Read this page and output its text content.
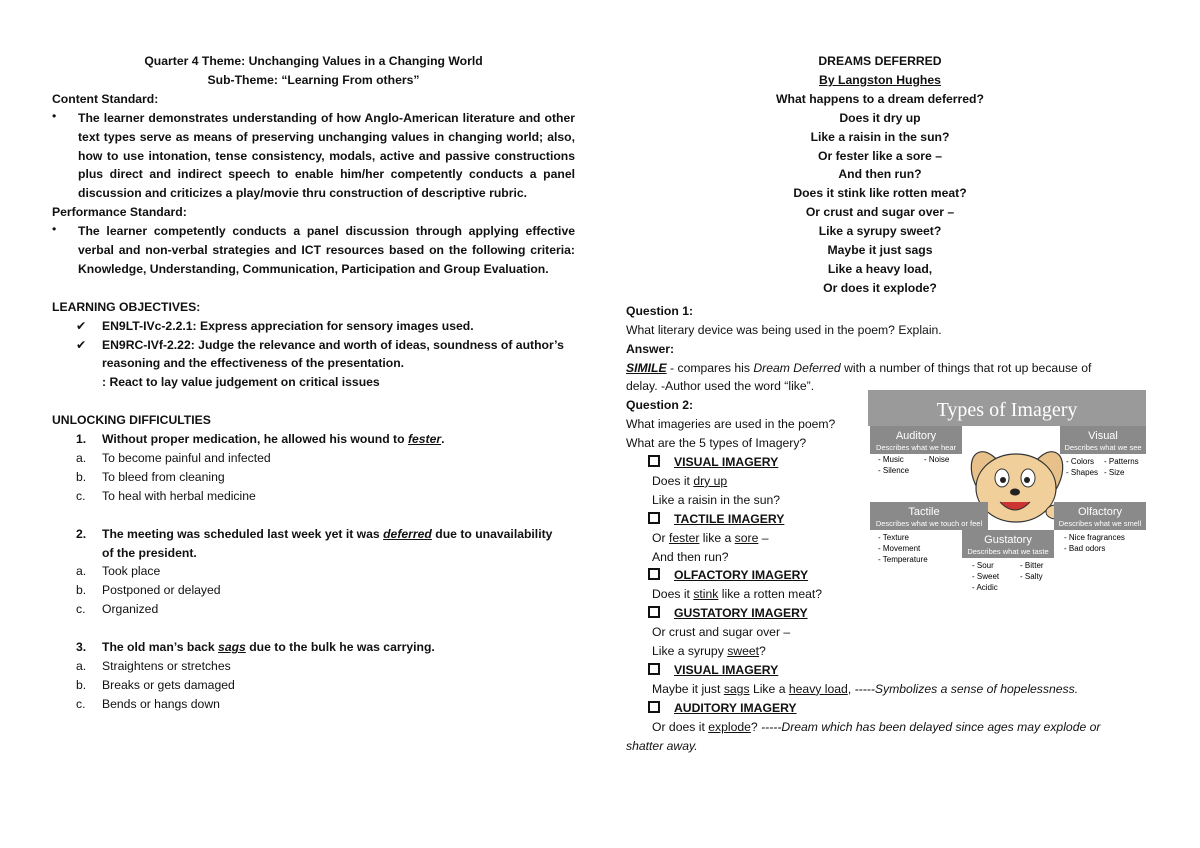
Quarter 4 Theme: Unchanging Values in a Changing World
Sub-Theme: “Learning From others”
Content Standard:
•	The learner demonstrates understanding of how Anglo-American literature and other text types serve as means of preserving unchanging values in changing world; also, how to use intonation, tense consistency, modals, active and passive constructions plus direct and indirect speech to enable him/her competently conducts a panel discussion and criticizes a play/movie thru construction of descriptive rubric.
Performance Standard:
•	The learner competently conducts a panel discussion through applying effective verbal and non-verbal strategies and ICT resources based on the following criteria: Knowledge, Understanding, Communication, Participation and Group Evaluation.
LEARNING OBJECTIVES:
✔	EN9LT-IVc-2.2.1: Express appreciation for sensory images used.
✔	EN9RC-IVf-2.22: Judge the relevance and worth of ideas, soundness of author’s
reasoning and the effectiveness of the presentation.
: React to lay value judgement on critical issues
UNLOCKING DIFFICULTIES
1.	Without proper medication, he allowed his wound to fester.
a.	To become painful and infected
b.	To bleed from cleaning
c.	To heal with herbal medicine
2.	The meeting was scheduled last week yet it was deferred due to unavailability
of the president.
a.	Took place
b.	Postponed or delayed
c.	Organized
3.	The old man’s back sags due to the bulk he was carrying.
a.	Straightens or stretches
b.	Breaks or gets damaged
c.	Bends or hangs down
DREAMS DEFERRED
By Langston Hughes
What happens to a dream deferred?
Does it dry up
Like a raisin in the sun?
Or fester like a sore –
And then run?
Does it stink like rotten meat?
Or crust and sugar over –
Like a syrupy sweet?
Maybe it just sags
Like a heavy load,
Or does it explode?
Question 1:
What literary device was being used in the poem? Explain.
Answer:
SIMILE - compares his Dream Deferred with a number of things that rot up because of
delay. -Author used the word “like”.
Question 2:
What imageries are used in the poem?
What are the 5 types of Imagery?
VISUAL IMAGERY
Does it dry up
Like a raisin in the sun?
TACTILE IMAGERY
Or fester like a sore –
And then run?
OLFACTORY IMAGERY
Does it stink like a rotten meat?
GUSTATORY IMAGERY
Or crust and sugar over –
Like a syrupy sweet?
VISUAL IMAGERY
Maybe it just sags Like a heavy load, -----Symbolizes a sense of hopelessness.
AUDITORY IMAGERY
Or does it explode? -----Dream which has been delayed since ages may explode or
shatter away.
Types of Imagery
Auditory
Describes what we hear
- Music	- Noise
- Silence
Visual
Describes what we see
- Colors - Patterns
- Shapes - Size
Tactile
Describes what we touch or feel
- Texture
- Movement
- Temperature
Olfactory
Describes what we smell
- Nice fragrances
- Bad odors
Gustatory
Describes what we taste
- Sour	- Bitter
- Sweet	- Salty
- Acidic
